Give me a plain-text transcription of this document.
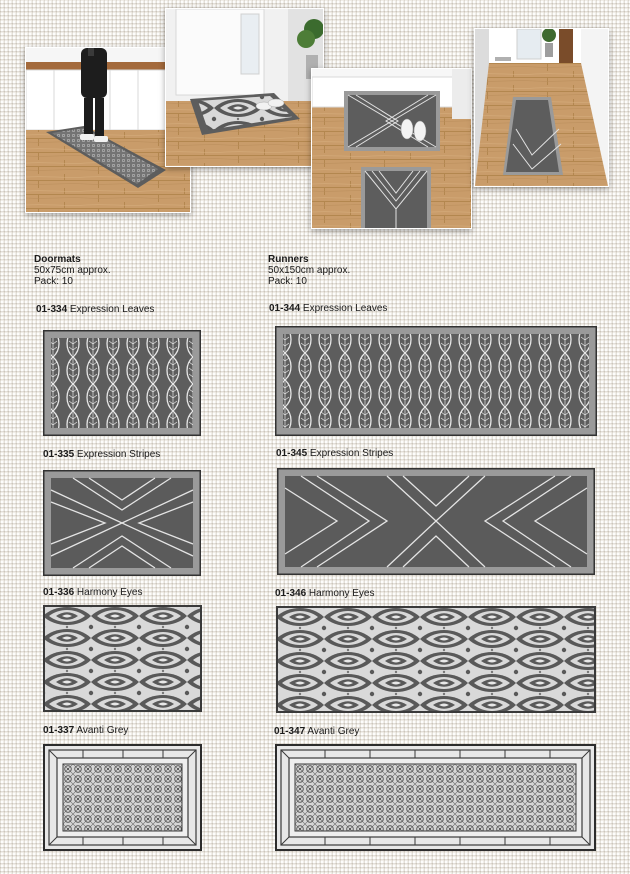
Doormats
50x75cm approx.
Pack: 10
Runners
50x150cm approx.
Pack: 10
01-334 Expression Leaves	01-344 Expression Leaves
01-335 Expression Stripes	01-345 Expression Stripes
01-336 Harmony Eyes	01-346 Harmony Eyes
01-337 Avanti Grey	01-347 Avanti Grey
